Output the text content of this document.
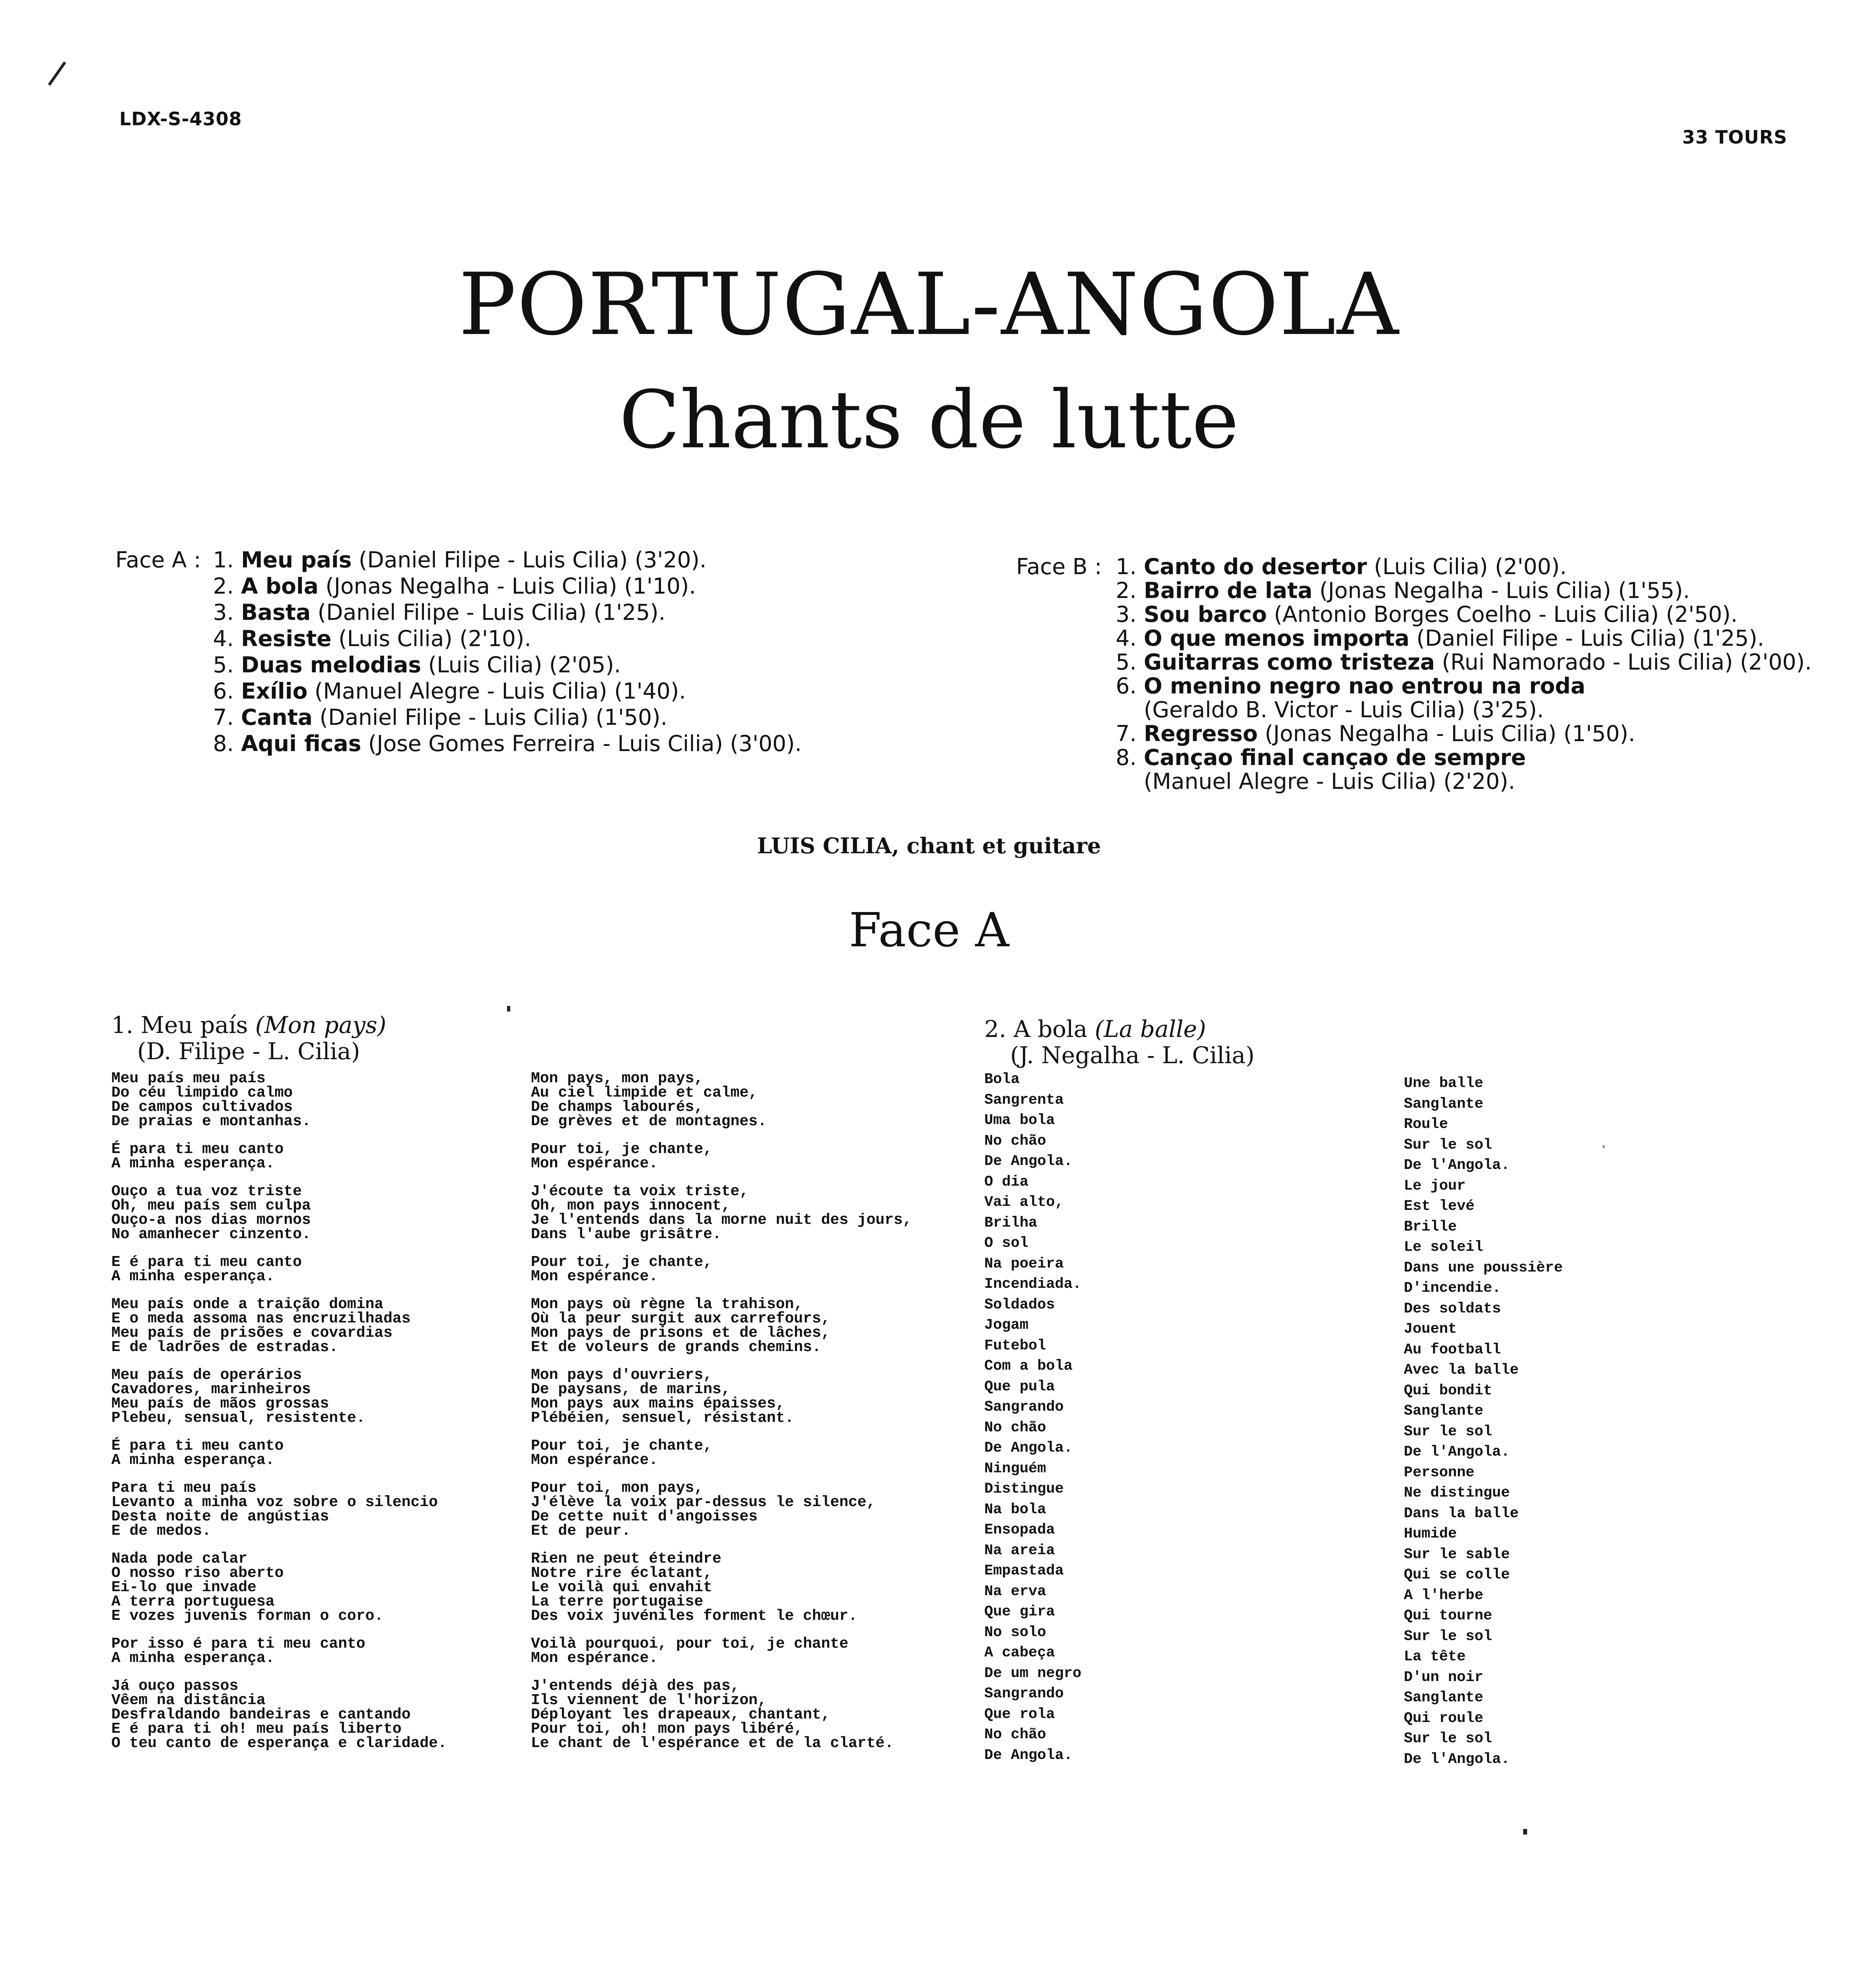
LDX-S-4308
33 TOURS
PORTUGAL-ANGOLA
Chants de lutte
Face A : 1. Meu país (Daniel Filipe - Luis Cilia) (3'20).
2. A bola (Jonas Negalha - Luis Cilia) (1'10).
3. Basta (Daniel Filipe - Luis Cilia) (1'25).
4. Resiste (Luis Cilia) (2'10).
5. Duas melodias (Luis Cilia) (2'05).
6. Exílio (Manuel Alegre - Luis Cilia) (1'40).
7. Canta (Daniel Filipe - Luis Cilia) (1'50).
8. Aqui ficas (Jose Gomes Ferreira - Luis Cilia) (3'00).
Face B : 1. Canto do desertor (Luis Cilia) (2'00).
2. Bairro de lata (Jonas Negalha - Luis Cilia) (1'55).
3. Sou barco (Antonio Borges Coelho - Luis Cilia) (2'50).
4. O que menos importa (Daniel Filipe - Luis Cilia) (1'25).
5. Guitarras como tristeza (Rui Namorado - Luis Cilia) (2'00).
6. O menino negro nao entrou na roda
(Geraldo B. Victor - Luis Cilia) (3'25).
7. Regresso (Jonas Negalha - Luis Cilia) (1'50).
8. Cançao final cançao de sempre
(Manuel Alegre - Luis Cilia) (2'20).
LUIS CILIA, chant et guitare
Face A
1. Meu país (Mon pays)
(D. Filipe - L. Cilia)
Meu país meu país
Do céu limpido calmo
De campos cultivados
De praias e montanhas.
É para ti meu canto
A minha esperança.
Ouço a tua voz triste
Oh, meu país sem culpa
Ouço-a nos dias mornos
No amanhecer cinzento.
E é para ti meu canto
A minha esperança.
Meu país onde a traição domina
E o meda assoma nas encruzilhadas
Meu país de prisões e covardias
E de ladrões de estradas.
Meu país de operários
Cavadores, marinheiros
Meu país de mãos grossas
Plebeu, sensual, resistente.
É para ti meu canto
A minha esperança.
Para ti meu país
Levanto a minha voz sobre o silencio
Desta noite de angústias
E de medos.
Nada pode calar
O nosso riso aberto
Ei-lo que invade
A terra portuguesa
E vozes juvenis forman o coro.
Por isso é para ti meu canto
A minha esperança.
Já ouço passos
Vêem na distância
Desfraldando bandeiras e cantando
E é para ti oh! meu país liberto
O teu canto de esperança e claridade.
Mon pays, mon pays,
Au ciel limpide et calme,
De champs labourés,
De grèves et de montagnes.
Pour toi, je chante,
Mon espérance.
J'écoute ta voix triste,
Oh, mon pays innocent,
Je l'entends dans la morne nuit des jours,
Dans l'aube grisâtre.
Pour toi, je chante,
Mon espérance.
Mon pays où règne la trahison,
Où la peur surgit aux carrefours,
Mon pays de prisons et de lâches,
Et de voleurs de grands chemins.
Mon pays d'ouvriers,
De paysans, de marins,
Mon pays aux mains épaisses,
Plébéien, sensuel, résistant.
Pour toi, je chante,
Mon espérance.
Pour toi, mon pays,
J'élève la voix par-dessus le silence,
De cette nuit d'angoisses
Et de peur.
Rien ne peut éteindre
Notre rire éclatant,
Le voilà qui envahit
La terre portugaise
Des voix juvéniles forment le chœur.
Voilà pourquoi, pour toi, je chante
Mon espérance.
J'entends déjà des pas,
Ils viennent de l'horizon,
Déployant les drapeaux, chantant,
Pour toi, oh! mon pays libéré,
Le chant de l'espérance et de la clarté.
2. A bola (La balle)
(J. Negalha - L. Cilia)
Bola
Sangrenta
Uma bola
No chão
De Angola.
O dia
Vai alto,
Brilha
O sol
Na poeira
Incendiada.
Soldados
Jogam
Futebol
Com a bola
Que pula
Sangrando
No chão
De Angola.
Ninguém
Distingue
Na bola
Ensopada
Na areia
Empastada
Na erva
Que gira
No solo
A cabeça
De um negro
Sangrando
Que rola
No chão
De Angola.
Une balle
Sanglante
Roule
Sur le sol
De l'Angola.
Le jour
Est levé
Brille
Le soleil
Dans une poussière
D'incendie.
Des soldats
Jouent
Au football
Avec la balle
Qui bondit
Sanglante
Sur le sol
De l'Angola.
Personne
Ne distingue
Dans la balle
Humide
Sur le sable
Qui se colle
A l'herbe
Qui tourne
Sur le sol
La tête
D'un noir
Sanglante
Qui roule
Sur le sol
De l'Angola.
